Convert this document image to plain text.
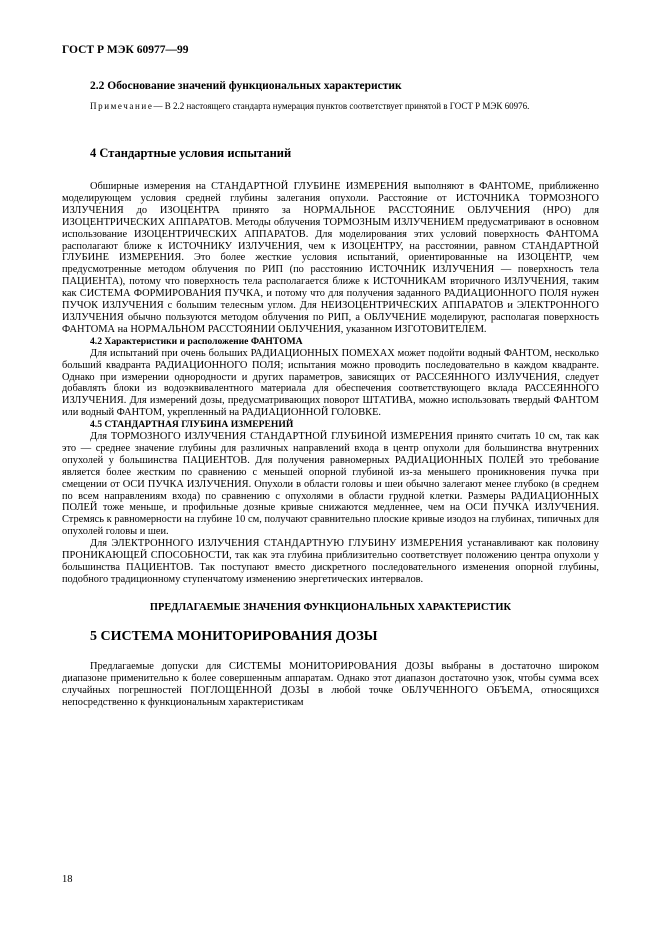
ГОСТ Р МЭК 60977—99
2.2 Обоснование значений функциональных характеристик
Примечание— В 2.2 настоящего стандарта нумерация пунктов соответствует принятой в ГОСТ Р МЭК 60976.
4 Стандартные условия испытаний

Обширные измерения на СТАНДАРТНОЙ ГЛУБИНЕ ИЗМЕРЕНИЯ выполняют в ФАНТОМЕ, приближенно моделирующем условия средней глубины залегания опухоли. Расстояние от ИСТОЧНИКА ТОРМОЗНОГО ИЗЛУЧЕНИЯ до ИЗОЦЕНТРА принято за НОРМАЛЬНОЕ РАССТОЯНИЕ ОБЛУЧЕНИЯ (НРО) для ИЗОЦЕНТРИЧЕСКИХ АППАРАТОВ. Методы облучения ТОРМОЗНЫМ ИЗЛУЧЕНИЕМ предусматривают в основном использование ИЗОЦЕНТРИЧЕСКИХ АППАРАТОВ. Для моделирования этих условий поверхность ФАНТОМА располагают ближе к ИСТОЧНИКУ ИЗЛУЧЕНИЯ, чем к ИЗОЦЕНТРУ, на расстоянии, равном СТАНДАРТНОЙ ГЛУБИНЕ ИЗМЕРЕНИЯ. Это более жесткие условия испытаний, ориентированные на ИЗОЦЕНТР, чем предусмотренные методом облучения по РИП (по расстоянию ИСТОЧНИК ИЗЛУЧЕНИЯ — поверхность тела ПАЦИЕНТА), потому что поверхность тела располагается ближе к ИСТОЧНИКАМ вторичного ИЗЛУЧЕНИЯ, таким как СИСТЕМА ФОРМИРОВАНИЯ ПУЧКА, и потому что для получения заданного РАДИАЦИОННОГО ПОЛЯ нужен ПУЧОК ИЗЛУЧЕНИЯ с большим телесным углом. Для НЕИЗОЦЕНТРИЧЕСКИХ АППАРАТОВ и ЭЛЕКТРОННОГО ИЗЛУЧЕНИЯ обычно пользуются методом облучения по РИП, а ОБЛУЧЕНИЕ моделируют, располагая поверхность ФАНТОМА на НОРМАЛЬНОМ РАССТОЯНИИ ОБЛУЧЕНИЯ, указанном ИЗГОТОВИТЕЛЕМ.

4.2 Характеристики и расположение ФАНТОМА

Для испытаний при очень больших РАДИАЦИОННЫХ ПОМЕХАХ может подойти водный ФАНТОМ, несколько больший квадранта РАДИАЦИОННОГО ПОЛЯ; испытания можно проводить последовательно в каждом квадранте. Однако при измерении однородности и других параметров, зависящих от РАССЕЯННОГО ИЗЛУЧЕНИЯ, следует добавлять блоки из водоэквивалентного материала для обеспечения соответствующего вклада РАССЕЯННОГО ИЗЛУЧЕНИЯ. Для измерений дозы, предусматривающих поворот ШТАТИВА, можно использовать твердый ФАНТОМ или водный ФАНТОМ, укрепленный на РАДИАЦИОННОЙ ГОЛОВКЕ.

4.5 СТАНДАРТНАЯ ГЛУБИНА ИЗМЕРЕНИЙ

Для ТОРМОЗНОГО ИЗЛУЧЕНИЯ СТАНДАРТНОЙ ГЛУБИНОЙ ИЗМЕРЕНИЯ принято считать 10 см, так как это — среднее значение глубины для различных направлений входа в центр опухоли для большинства внутренних опухолей у большинства ПАЦИЕНТОВ. Для получения равномерных РАДИАЦИОННЫХ ПОЛЕЙ это требование является более жестким по сравнению с меньшей опорной глубиной из-за меньшего проникновения пучка при смещении от ОСИ ПУЧКА ИЗЛУЧЕНИЯ. Опухоли в области головы и шеи обычно залегают менее глубоко (в среднем по всем направлениям входа) по сравнению с опухолями в области грудной клетки. Размеры РАДИАЦИОННЫХ ПОЛЕЙ тоже меньше, и профильные дозные кривые снижаются медленнее, чем на ОСИ ПУЧКА ИЗЛУЧЕНИЯ. Стремясь к равномерности на глубине 10 см, получают сравнительно плоские кривые изодоз на глубинах, типичных для опухолей головы и шеи.

Для ЭЛЕКТРОННОГО ИЗЛУЧЕНИЯ СТАНДАРТНУЮ ГЛУБИНУ ИЗМЕРЕНИЯ устанавливают как половину ПРОНИКАЮЩЕЙ СПОСОБНОСТИ, так как эта глубина приблизительно соответствует положению центра опухоли у большинства ПАЦИЕНТОВ. Так поступают вместо дискретного последовательного изменения опорной глубины, подобного традиционному ступенчатому изменению энергетических интервалов.

ПРЕДЛАГАЕМЫЕ ЗНАЧЕНИЯ ФУНКЦИОНАЛЬНЫХ ХАРАКТЕРИСТИК
5 СИСТЕМА МОНИТОРИРОВАНИЯ ДОЗЫ

Предлагаемые допуски для СИСТЕМЫ МОНИТОРИРОВАНИЯ ДОЗЫ выбраны в достаточно широком диапазоне применительно к более совершенным аппаратам. Однако этот диапазон достаточно узок, чтобы сумма всех случайных погрешностей ПОГЛОЩЕННОЙ ДОЗЫ в любой точке ОБЛУЧЕННОГО ОБЪЕМА, относящихся непосредственно к функциональным характеристикам

18
